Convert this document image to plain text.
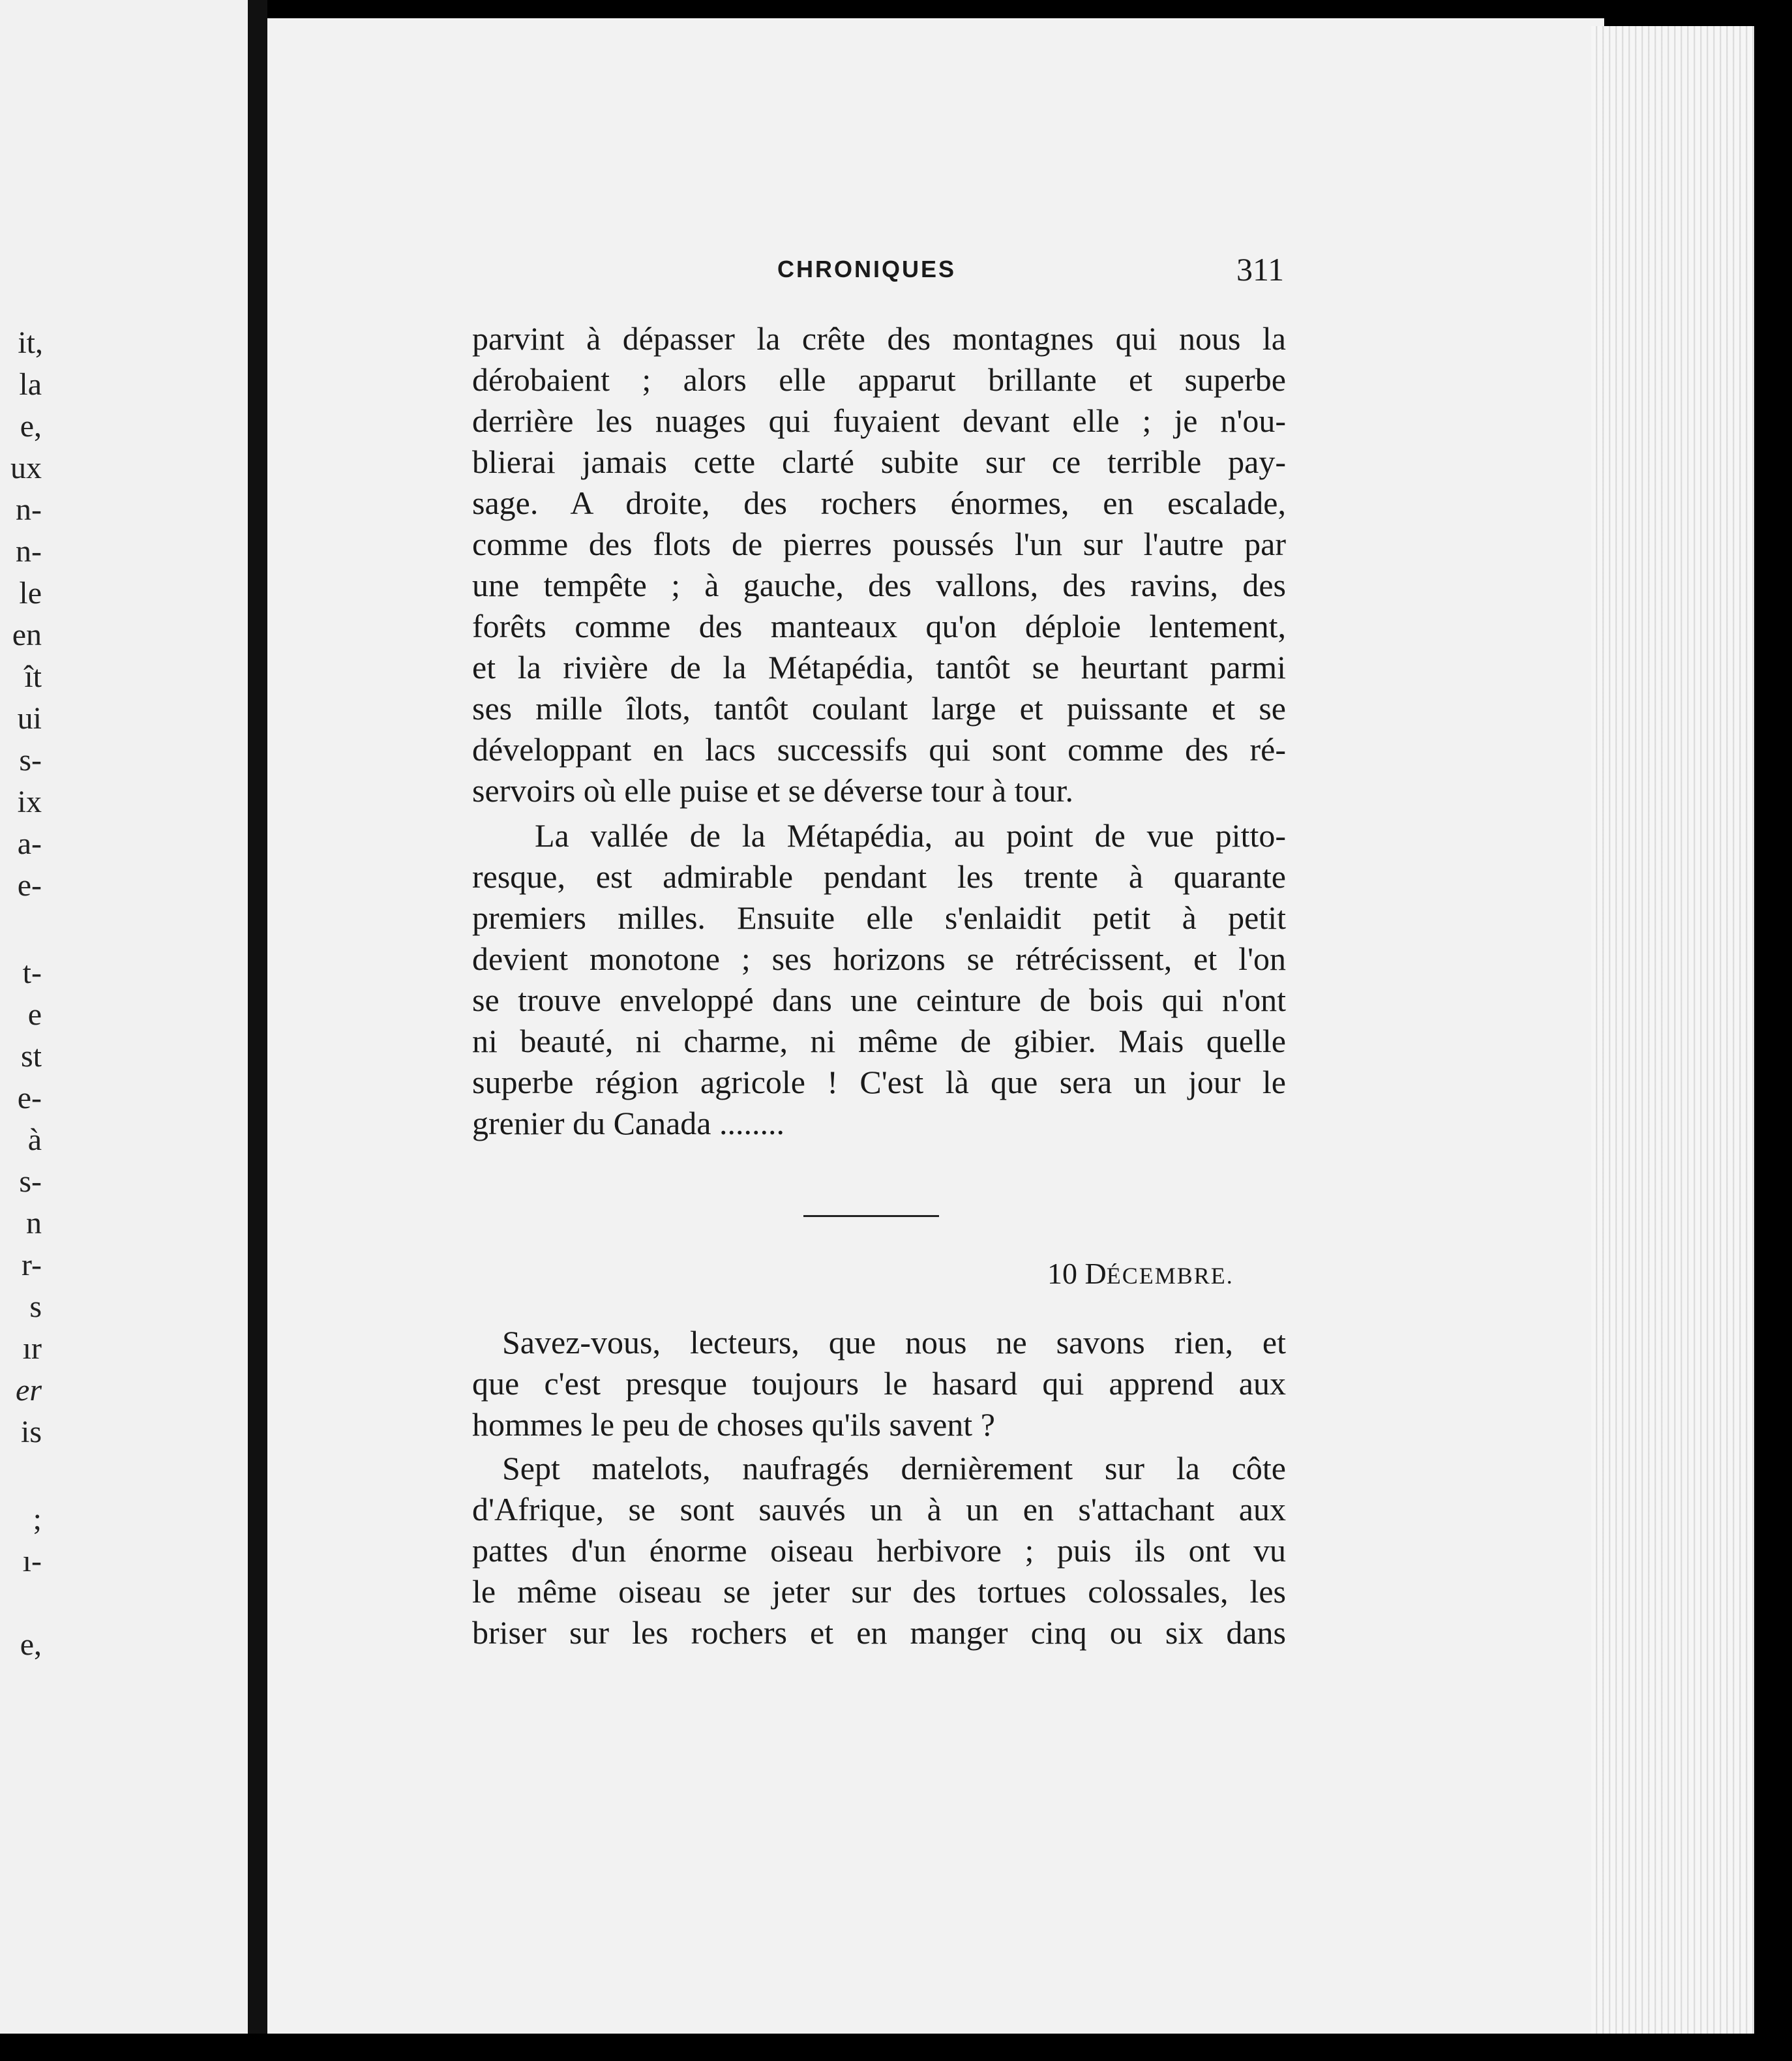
it,
la
e,
ux
n-
n-
le
en
ît
ui
s-
ix
a-
e-
t-
e
st
e-
à
s-
n
r-
s
ır
er
is
;
ı-
e,
CHRONIQUES	311
parvint à dépasser la crête des montagnes qui nous la
dérobaient ; alors elle apparut brillante et superbe
derrière les nuages qui fuyaient devant elle ; je n'ou-
blierai jamais cette clarté subite sur ce terrible pay-
sage. A droite, des rochers énormes, en escalade,
comme des flots de pierres poussés l'un sur l'autre par
une tempête ; à gauche, des vallons, des ravins, des
forêts comme des manteaux qu'on déploie lentement,
et la rivière de la Métapédia, tantôt se heurtant parmi
ses mille îlots, tantôt coulant large et puissante et se
développant en lacs successifs qui sont comme des ré-
servoirs où elle puise et se déverse tour à tour.
La vallée de la Métapédia, au point de vue pitto-
resque, est admirable pendant les trente à quarante
premiers milles. Ensuite elle s'enlaidit petit à petit
devient monotone ; ses horizons se rétrécissent, et l'on
se trouve enveloppé dans une ceinture de bois qui n'ont
ni beauté, ni charme, ni même de gibier. Mais quelle
superbe région agricole ! C'est là que sera un jour le
grenier du Canada ........
10 DÉCEMBRE.
Savez-vous, lecteurs, que nous ne savons rien, et
que c'est presque toujours le hasard qui apprend aux
hommes le peu de choses qu'ils savent ?
Sept matelots, naufragés dernièrement sur la côte
d'Afrique, se sont sauvés un à un en s'attachant aux
pattes d'un énorme oiseau herbivore ; puis ils ont vu
le même oiseau se jeter sur des tortues colossales, les
briser sur les rochers et en manger cinq ou six dans
